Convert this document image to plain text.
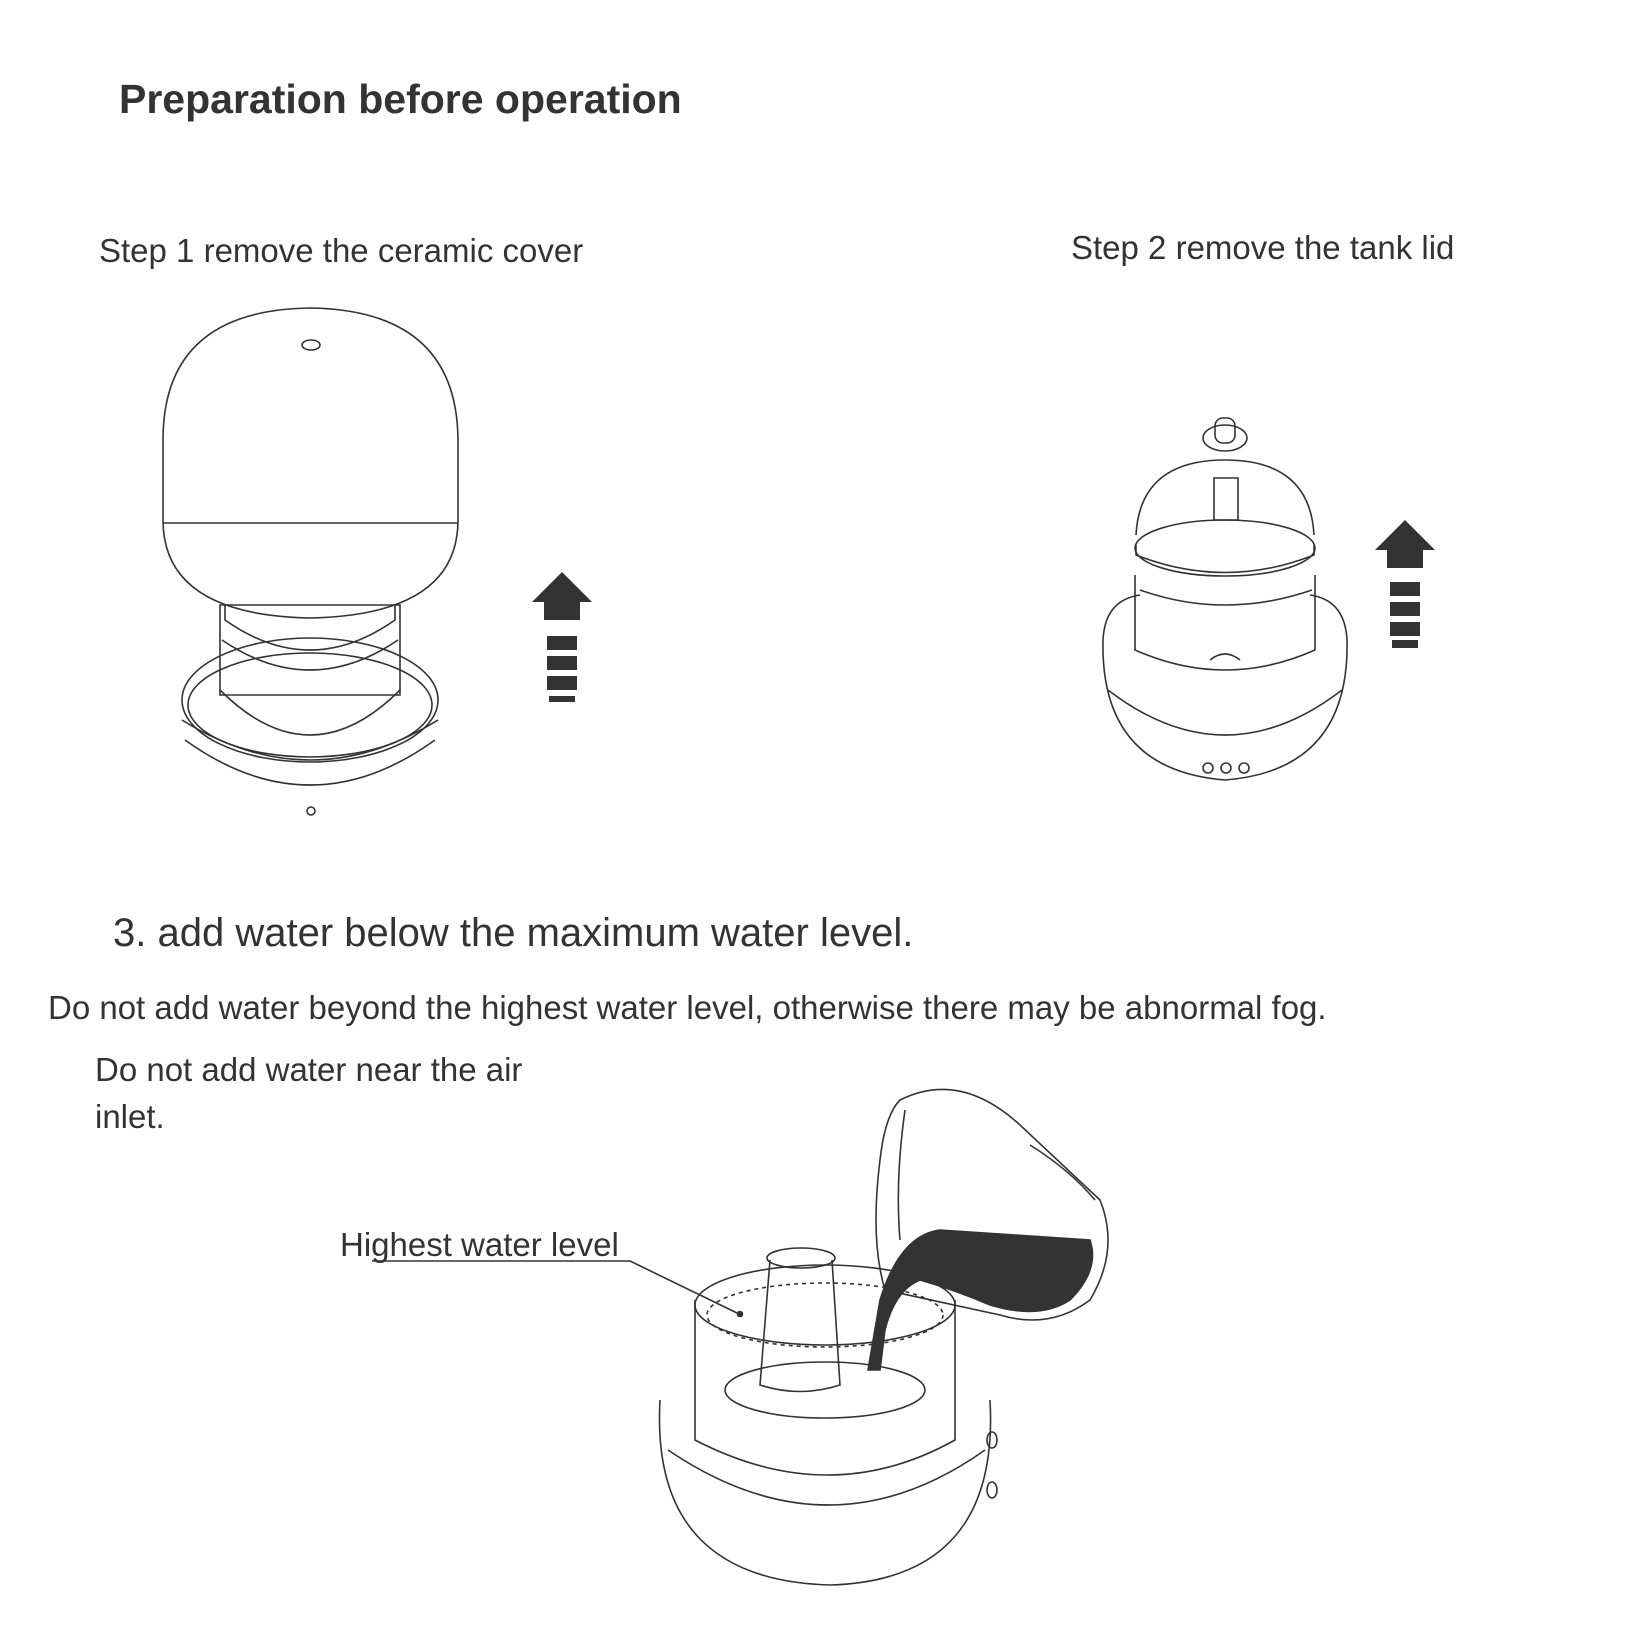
Preparation before operation
Step 1 remove the ceramic cover	Step 2 remove the tank lid
3. add water below the maximum water level.
Do not add water beyond the highest water level, otherwise there may be abnormal fog.
Do not add water near the air inlet.
Highest water level
